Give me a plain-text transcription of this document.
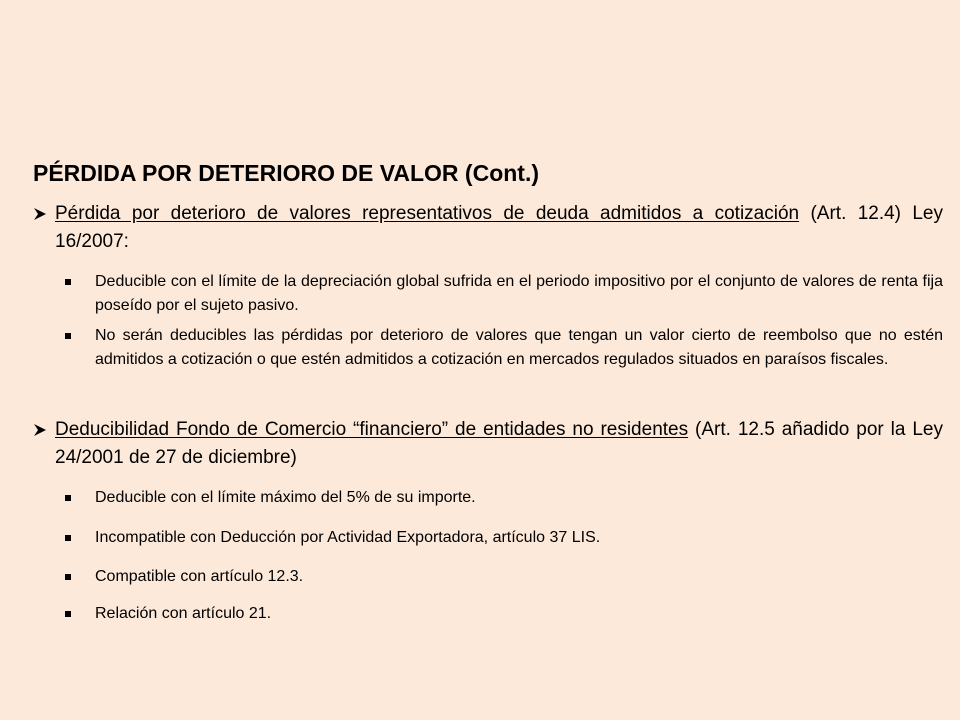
PÉRDIDA POR DETERIORO DE VALOR (Cont.)
Pérdida por deterioro de valores representativos de deuda admitidos a cotización (Art. 12.4) Ley 16/2007:
Deducible con el límite de la depreciación global sufrida en el periodo impositivo por el conjunto de valores de renta fija poseído por el sujeto pasivo.
No serán deducibles las pérdidas por deterioro de valores que tengan un valor cierto de reembolso que no estén admitidos a cotización o que estén admitidos a cotización en mercados regulados situados en paraísos fiscales.
Deducibilidad Fondo de Comercio “financiero” de entidades no residentes (Art. 12.5 añadido por la Ley 24/2001 de 27 de diciembre)
Deducible con el límite máximo del 5% de su importe.
Incompatible con Deducción por Actividad Exportadora, artículo 37 LIS.
Compatible con artículo 12.3.
Relación con artículo 21.
